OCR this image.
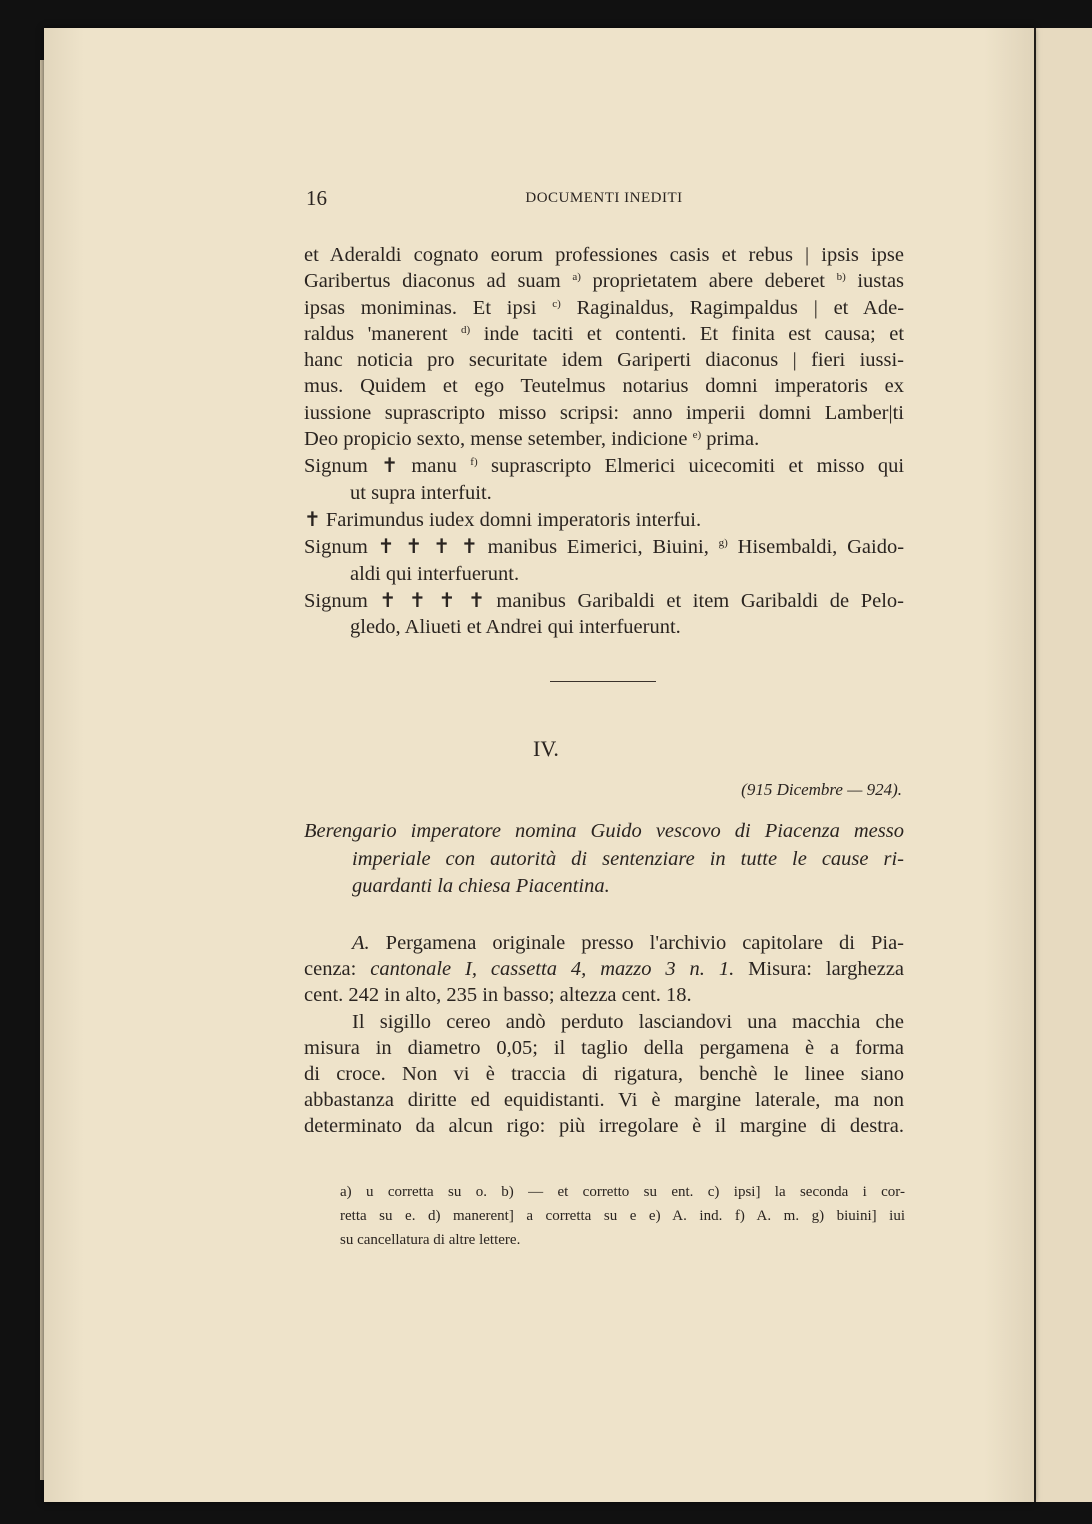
16	DOCUMENTI INEDITI
et Aderaldi cognato eorum professiones casis et rebus | ipsis ipse
Garibertus diaconus ad suam $^{a)}$ proprietatem abere deberet $^{b)}$ iustas
ipsas moniminas. Et ipsi $^{c)}$ Raginaldus, Ragimpaldus | et Ade-
raldus 'manerent $^{d)}$ inde taciti et contenti. Et finita est causa; et
hanc noticia pro securitate idem Gariperti diaconus | fieri iussi-
mus. Quidem et ego Teutelmus notarius domni imperatoris ex
iussione suprascripto misso scripsi: anno imperii domni Lamber|ti
Deo propicio sexto, mense setember, indicione $^{e)}$ prima.
Signum ✝ manu $^{f)}$ suprascripto Elmerici uicecomiti et misso qui
ut supra interfuit.
✝ Farimundus iudex domni imperatoris interfui.
Signum ✝ ✝ ✝ ✝ manibus Eimerici, Biuini, $^{g)}$ Hisembaldi, Gaido-
aldi qui interfuerunt.
Signum ✝ ✝ ✝ ✝ manibus Garibaldi et item Garibaldi de Pelo-
gledo, Aliueti et Andrei qui interfuerunt.
IV.
(915 Dicembre — 924).
Berengario imperatore nomina Guido vescovo di Piacenza messo
imperiale con autorità di sentenziare in tutte le cause ri-
guardanti la chiesa Piacentina.
A. Pergamena originale presso l'archivio capitolare di Pia-
cenza: cantonale I, cassetta 4, mazzo 3 n. 1. Misura: larghezza
cent. 242 in alto, 235 in basso; altezza cent. 18.
Il sigillo cereo andò perduto lasciandovi una macchia che
misura in diametro 0,05; il taglio della pergamena è a forma
di croce. Non vi è traccia di rigatura, benchè le linee siano
abbastanza diritte ed equidistanti. Vi è margine laterale, ma non
determinato da alcun rigo: più irregolare è il margine di destra.
a) u corretta su o. b) — et corretto su ent. c) ipsi] la seconda i cor-
retta su e. d) manerent] a corretta su e e) A. ind. f) A. m. g) biuini] iui
su cancellatura di altre lettere.
